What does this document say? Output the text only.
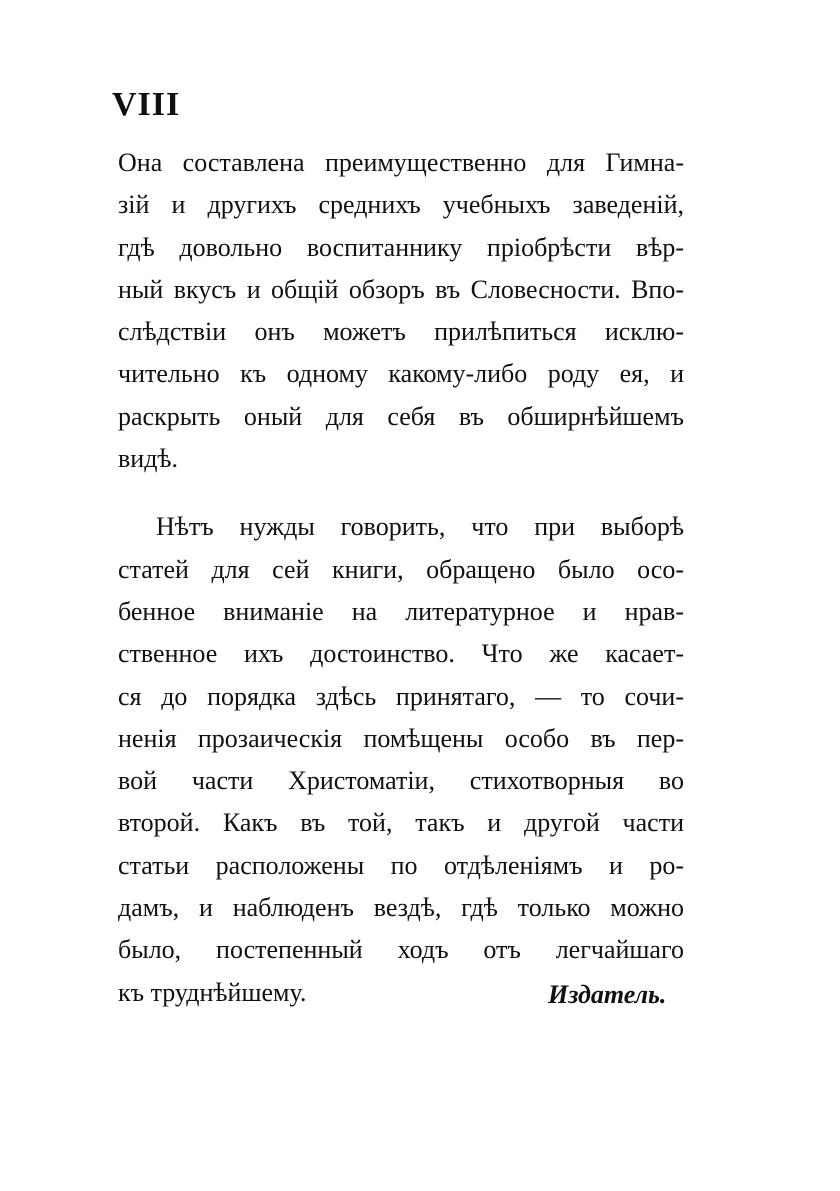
VIII
Она составлена преимущественно для Гимна-
зій и другихъ среднихъ учебныхъ заведеній,
гдѣ довольно воспитаннику пріобрѣсти вѣр-
ный вкусъ и общій обзоръ въ Словесности. Впо-
слѣдствіи онъ можетъ прилѣпиться исклю-
чительно къ одному какому-либо роду ея, и
раскрыть оный для себя въ обширнѣйшемъ
видѣ.
Нѣтъ нужды говорить, что при выборѣ
статей для сей книги, обращено было осо-
бенное вниманіе на литературное и нрав-
ственное ихъ достоинство. Что же касает-
ся до порядка здѣсь принятаго, — то сочи-
ненія прозаическія помѣщены особо въ пер-
вой части Христоматіи, стихотворныя во
второй. Какъ въ той, такъ и другой части
статьи расположены по отдѣленіямъ и ро-
дамъ, и наблюденъ вездѣ, гдѣ только можно
было, постепенный ходъ отъ легчайшаго
къ труднѣйшему.	Издатель.
